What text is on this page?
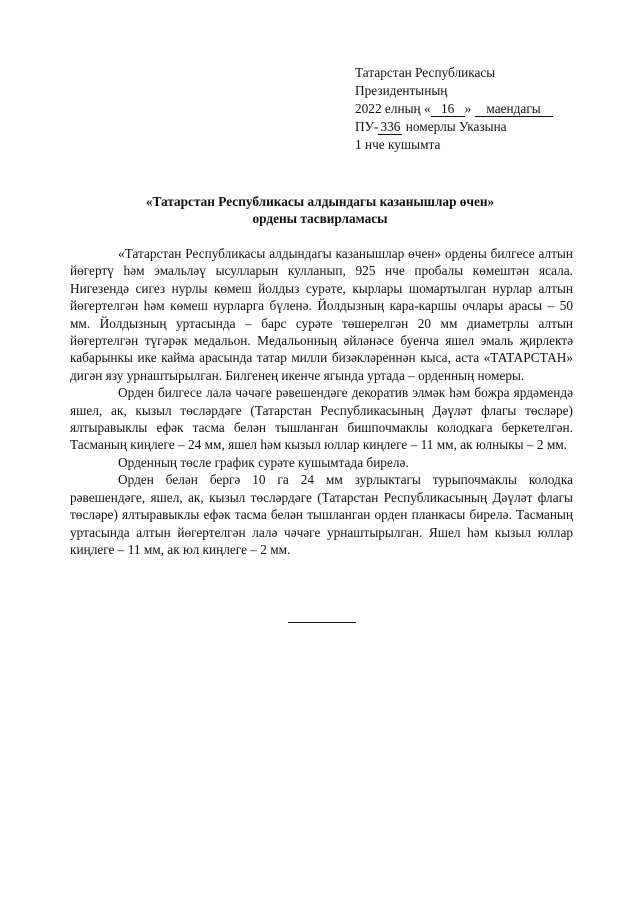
Татарстан Республикасы
Президентының
2022 елның « 16 » маендагы
ПУ- 336 номерлы Указына
1 нче кушымта
«Татарстан Республикасы алдындагы казанышлар өчен»
ордены тасвирламасы

«Татарстан Республикасы алдындагы казанышлар өчен» ордены билгесе алтын йөгертү һәм эмальләү ысулларын кулланып, 925 нче пробалы көмештән ясала. Нигезендә сигез нурлы көмеш йолдыз сурәте, кырлары шомартылган нурлар алтын йөгертелгән һәм көмеш нурларга бүленә. Йолдызның кара-каршы очлары арасы – 50 мм. Йолдызның уртасында – барс сурәте төшерелгән 20 мм диаметрлы алтын йөгертелгән түгәрәк медальон. Медальонның әйләнәсе буенча яшел эмаль җирлектә кабарынкы ике кайма арасында татар милли бизәкләреннән кыса, аста «ТАТАРСТАН» дигән язу урнаштырылган. Билгенең икенче ягында уртада – орденның номеры.

Орден билгесе лалә чәчәге рәвешендәге декоратив элмәк һәм бoжра ярдәмендә яшел, ак, кызыл төсләрдәге (Татарстан Республикасының Дәүләт флагы төсләре) ялтыравыклы ефәк тасма белән тышланган бишпочмаклы колодкага беркетелгән. Тасманың киңлеге – 24 мм, яшел һәм кызыл юллар киңлеге – 11 мм, ак юлныкы – 2 мм.

Орденның төсле график сурәте кушымтада бирелә.

Орден белән бергә 10 га 24 мм зурлыктагы турыпочмаклы колодка рәвешендәге, яшел, ак, кызыл төсләрдәге (Татарстан Республикасының Дәүләт флагы төсләре) ялтыравыклы ефәк тасма белән тышланган орден планкасы бирелә. Тасманың уртасында алтын йөгертелгән лалә чәчәге урнаштырылган. Яшел һәм кызыл юллар киңлеге – 11 мм, ак юл киңлеге – 2 мм.
